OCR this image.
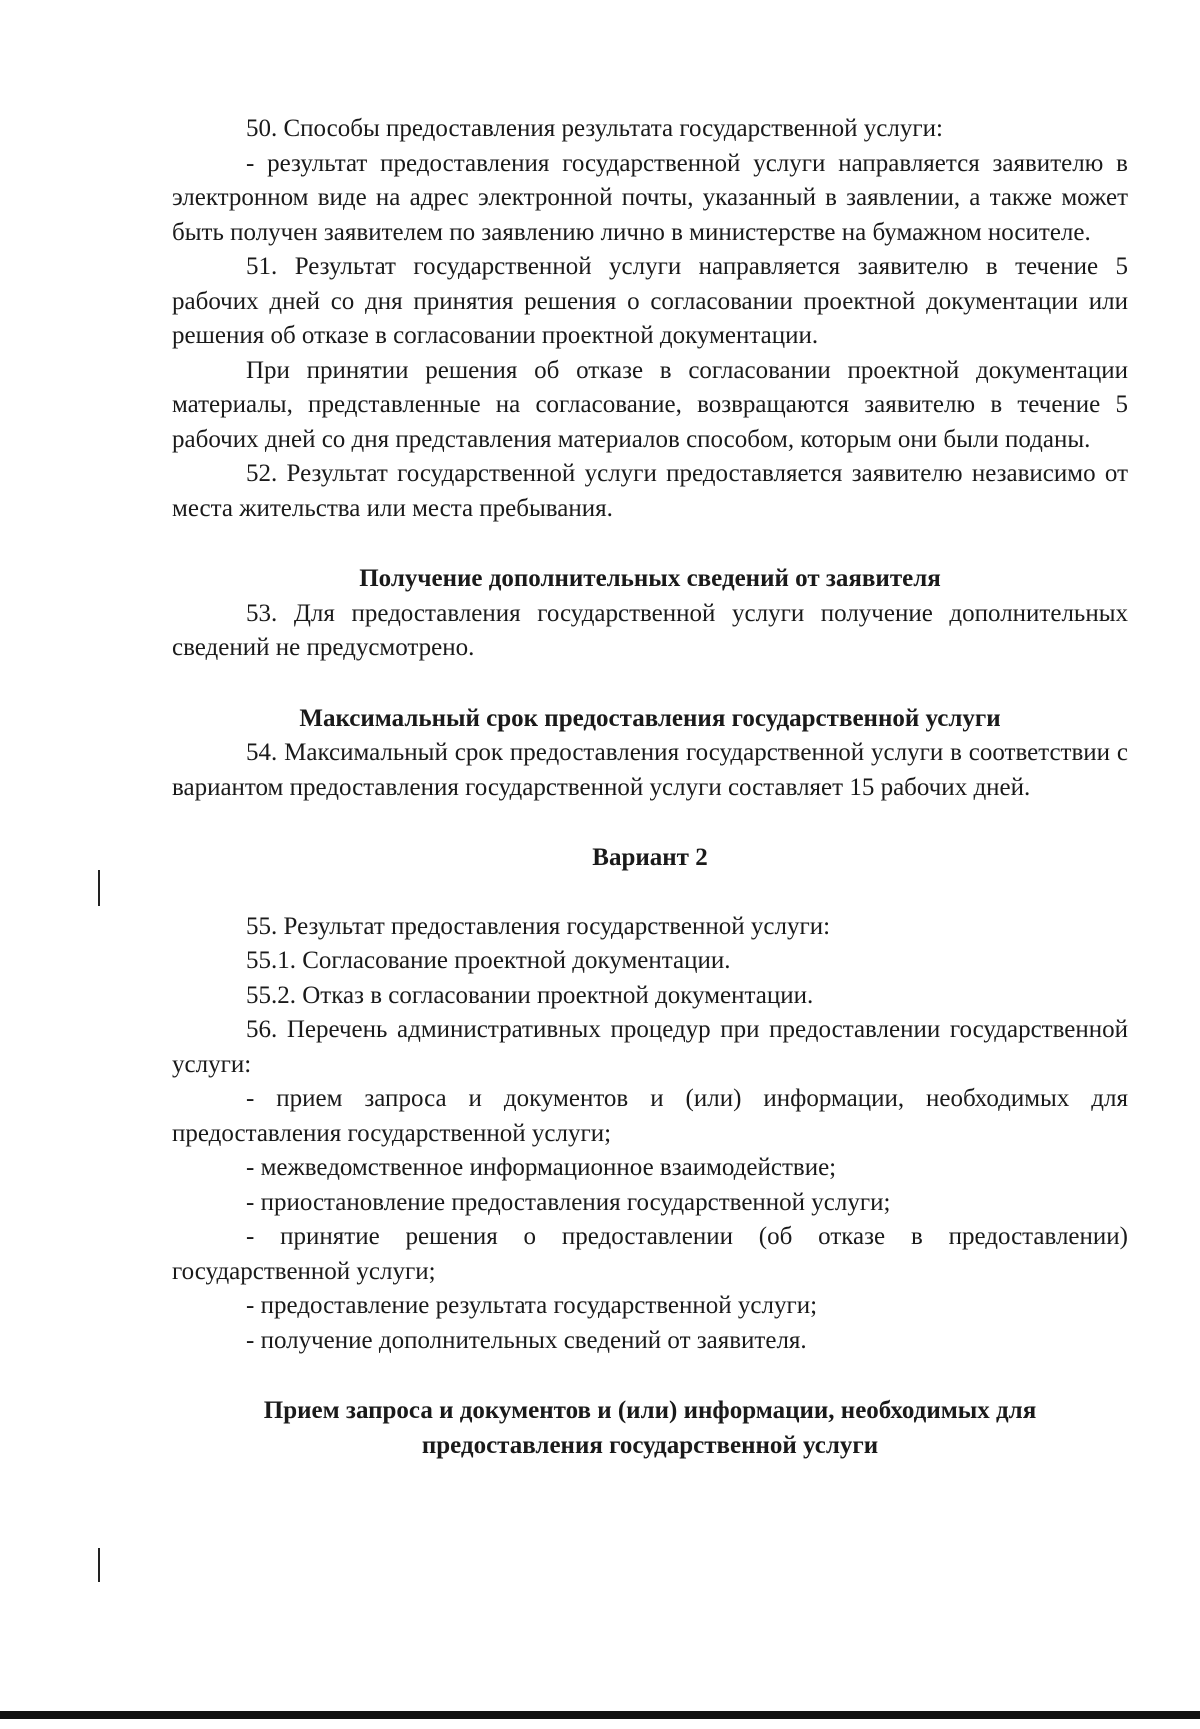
50. Способы предоставления результата государственной услуги:

- результат предоставления государственной услуги направляется заявителю в электронном виде на адрес электронной почты, указанный в заявлении, а также может быть получен заявителем по заявлению лично в министерстве на бумажном носителе.

51. Результат государственной услуги направляется заявителю в течение 5 рабочих дней со дня принятия решения о согласовании проектной документации или решения об отказе в согласовании проектной документации.

При принятии решения об отказе в согласовании проектной документации материалы, представленные на согласование, возвращаются заявителю в течение 5 рабочих дней со дня представления материалов способом, которым они были поданы.

52. Результат государственной услуги предоставляется заявителю независимо от места жительства или места пребывания.

Получение дополнительных сведений от заявителя

53. Для предоставления государственной услуги получение дополнительных сведений не предусмотрено.

Максимальный срок предоставления государственной услуги

54. Максимальный срок предоставления государственной услуги в соответствии с вариантом предоставления государственной услуги составляет 15 рабочих дней.

Вариант 2

55. Результат предоставления государственной услуги:

55.1. Согласование проектной документации.

55.2. Отказ в согласовании проектной документации.

56. Перечень административных процедур при предоставлении государственной услуги:

- прием запроса и документов и (или) информации, необходимых для предоставления государственной услуги;

- межведомственное информационное взаимодействие;

- приостановление предоставления государственной услуги;

- принятие решения о предоставлении (об отказе в предоставлении) государственной услуги;

- предоставление результата государственной услуги;

- получение дополнительных сведений от заявителя.

Прием запроса и документов и (или) информации, необходимых для

предоставления государственной услуги
